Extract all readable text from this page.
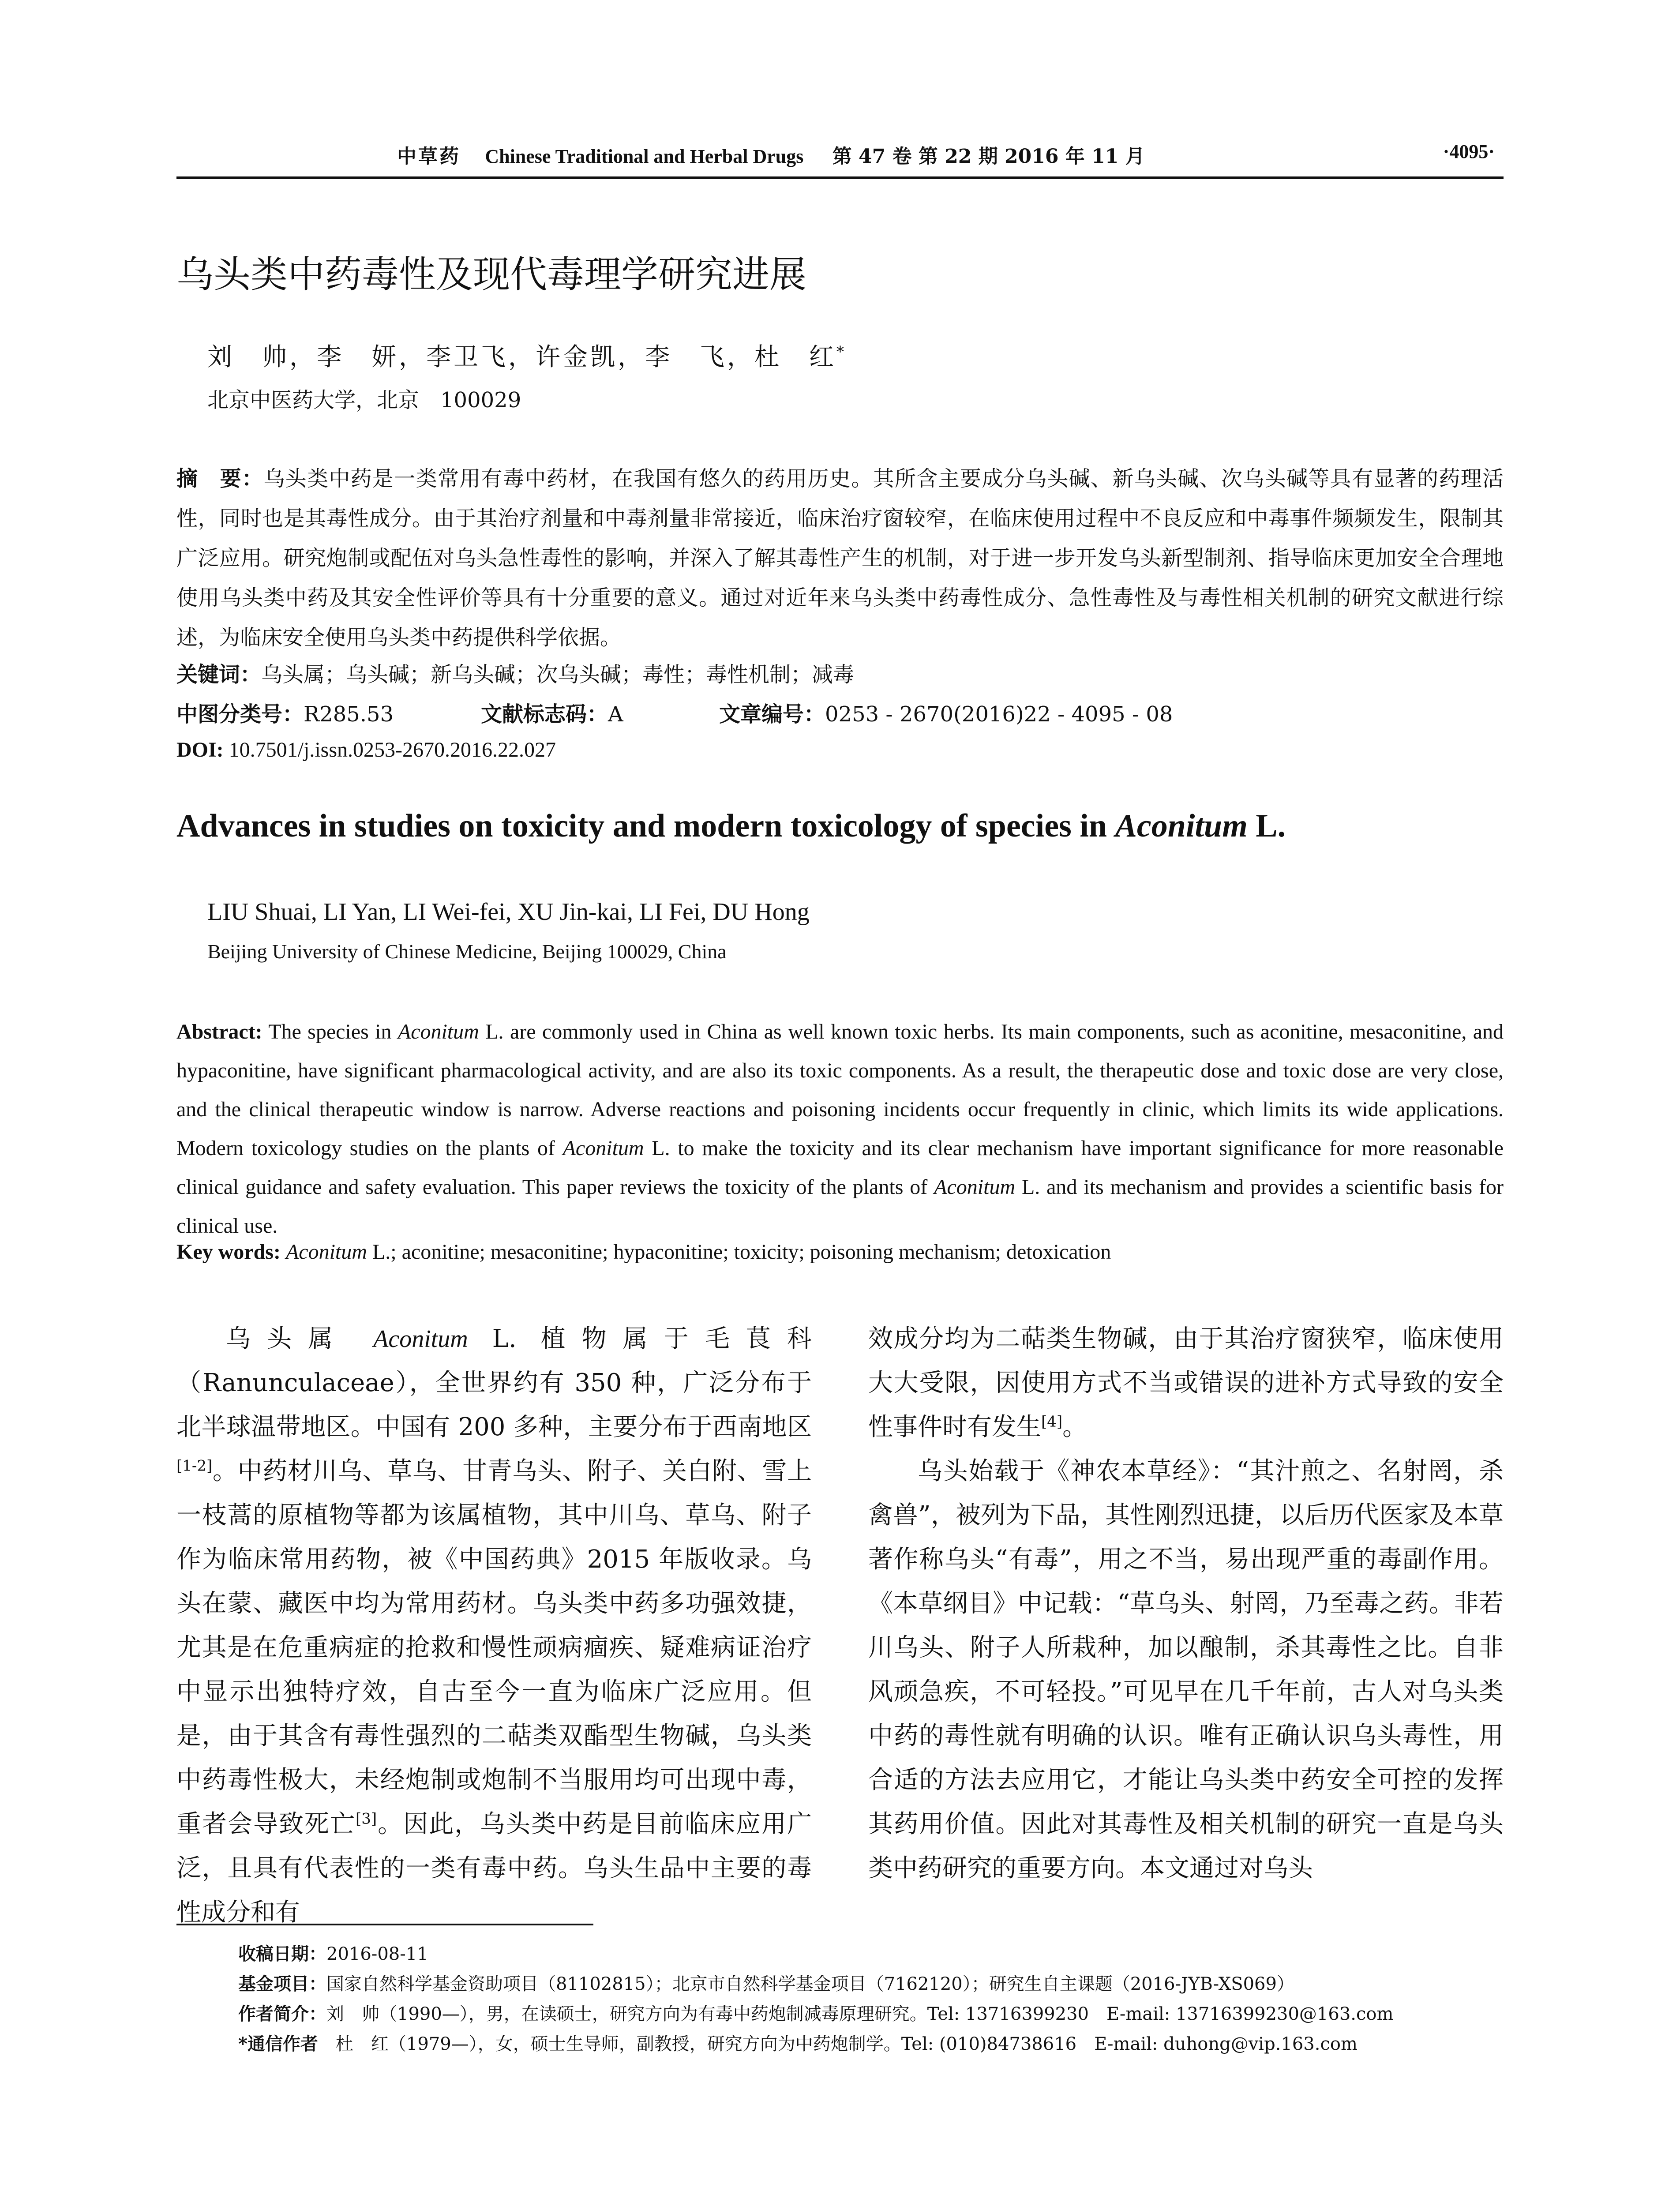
中草药 Chinese Traditional and Herbal Drugs 第 47 卷 第 22 期 2016 年 11 月	·4095·
乌头类中药毒性及现代毒理学研究进展
刘　帅，李　妍，李卫飞，许金凯，李　飞，杜　红*
北京中医药大学，北京　100029
摘　要：乌头类中药是一类常用有毒中药材，在我国有悠久的药用历史。其所含主要成分乌头碱、新乌头碱、次乌头碱等具有显著的药理活性，同时也是其毒性成分。由于其治疗剂量和中毒剂量非常接近，临床治疗窗较窄，在临床使用过程中不良反应和中毒事件频频发生，限制其广泛应用。研究炮制或配伍对乌头急性毒性的影响，并深入了解其毒性产生的机制，对于进一步开发乌头新型制剂、指导临床更加安全合理地使用乌头类中药及其安全性评价等具有十分重要的意义。通过对近年来乌头类中药毒性成分、急性毒性及与毒性相关机制的研究文献进行综述，为临床安全使用乌头类中药提供科学依据。
关键词：乌头属；乌头碱；新乌头碱；次乌头碱；毒性；毒性机制；减毒
中图分类号：R285.53	文献标志码：A	文章编号：0253 - 2670(2016)22 - 4095 - 08
DOI: 10.7501/j.issn.0253-2670.2016.22.027
Advances in studies on toxicity and modern toxicology of species in Aconitum L.
LIU Shuai, LI Yan, LI Wei-fei, XU Jin-kai, LI Fei, DU Hong
Beijing University of Chinese Medicine, Beijing 100029, China
Abstract: The species in Aconitum L. are commonly used in China as well known toxic herbs. Its main components, such as aconitine, mesaconitine, and hypaconitine, have significant pharmacological activity, and are also its toxic components. As a result, the therapeutic dose and toxic dose are very close, and the clinical therapeutic window is narrow. Adverse reactions and poisoning incidents occur frequently in clinic, which limits its wide applications. Modern toxicology studies on the plants of Aconitum L. to make the toxicity and its clear mechanism have important significance for more reasonable clinical guidance and safety evaluation. This paper reviews the toxicity of the plants of Aconitum L. and its mechanism and provides a scientific basis for clinical use.
Key words: Aconitum L.; aconitine; mesaconitine; hypaconitine; toxicity; poisoning mechanism; detoxication

乌头属 Aconitum L. 植物属于毛茛科（Ranunculaceae），全世界约有 350 种，广泛分布于北半球温带地区。中国有 200 多种，主要分布于西南地区[1-2]。中药材川乌、草乌、甘青乌头、附子、关白附、雪上一枝蒿的原植物等都为该属植物，其中川乌、草乌、附子作为临床常用药物，被《中国药典》2015 年版收录。乌头在蒙、藏医中均为常用药材。乌头类中药多功强效捷，尤其是在危重病症的抢救和慢性顽病痼疾、疑难病证治疗中显示出独特疗效，自古至今一直为临床广泛应用。但是，由于其含有毒性强烈的二萜类双酯型生物碱，乌头类中药毒性极大，未经炮制或炮制不当服用均可出现中毒，重者会导致死亡[3]。因此，乌头类中药是目前临床应用广泛，且具有代表性的一类有毒中药。乌头生品中主要的毒性成分和有

效成分均为二萜类生物碱，由于其治疗窗狭窄，临床使用大大受限，因使用方式不当或错误的进补方式导致的安全性事件时有发生[4]。

乌头始载于《神农本草经》：“其汁煎之、名射罔，杀禽兽”，被列为下品，其性刚烈迅捷，以后历代医家及本草著作称乌头“有毒”，用之不当，易出现严重的毒副作用。《本草纲目》中记载：“草乌头、射罔，乃至毒之药。非若川乌头、附子人所栽种，加以酿制，杀其毒性之比。自非风顽急疾，不可轻投。”可见早在几千年前，古人对乌头类中药的毒性就有明确的认识。唯有正确认识乌头毒性，用合适的方法去应用它，才能让乌头类中药安全可控的发挥其药用价值。因此对其毒性及相关机制的研究一直是乌头类中药研究的重要方向。本文通过对乌头

收稿日期：2016-08-11
基金项目：国家自然科学基金资助项目（81102815）；北京市自然科学基金项目（7162120）；研究生自主课题（2016-JYB-XS069）
作者简介：刘　帅（1990—），男，在读硕士，研究方向为有毒中药炮制减毒原理研究。Tel: 13716399230　E-mail: 13716399230@163.com
*通信作者　杜　红（1979—），女，硕士生导师，副教授，研究方向为中药炮制学。Tel: (010)84738616　E-mail: duhong@vip.163.com
